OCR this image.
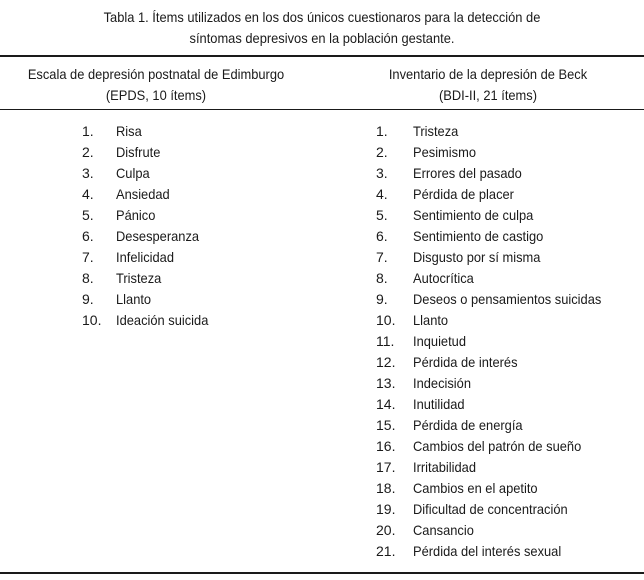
Tabla 1. Ítems utilizados en los dos únicos cuestionaros para la detección de
síntomas depresivos en la población gestante.
Escala de depresión postnatal de Edimburgo
(EPDS, 10 ítems)
Inventario de la depresión de Beck
(BDI-II, 21 ítems)
1. Risa
2. Disfrute
3. Culpa
4. Ansiedad
5. Pánico
6. Desesperanza
7. Infelicidad
8. Tristeza
9. Llanto
10. Ideación suicida
1. Tristeza
2. Pesimismo
3. Errores del pasado
4. Pérdida de placer
5. Sentimiento de culpa
6. Sentimiento de castigo
7. Disgusto por sí misma
8. Autocrítica
9. Deseos o pensamientos suicidas
10. Llanto
11. Inquietud
12. Pérdida de interés
13. Indecisión
14. Inutilidad
15. Pérdida de energía
16. Cambios del patrón de sueño
17. Irritabilidad
18. Cambios en el apetito
19. Dificultad de concentración
20. Cansancio
21. Pérdida del interés sexual
